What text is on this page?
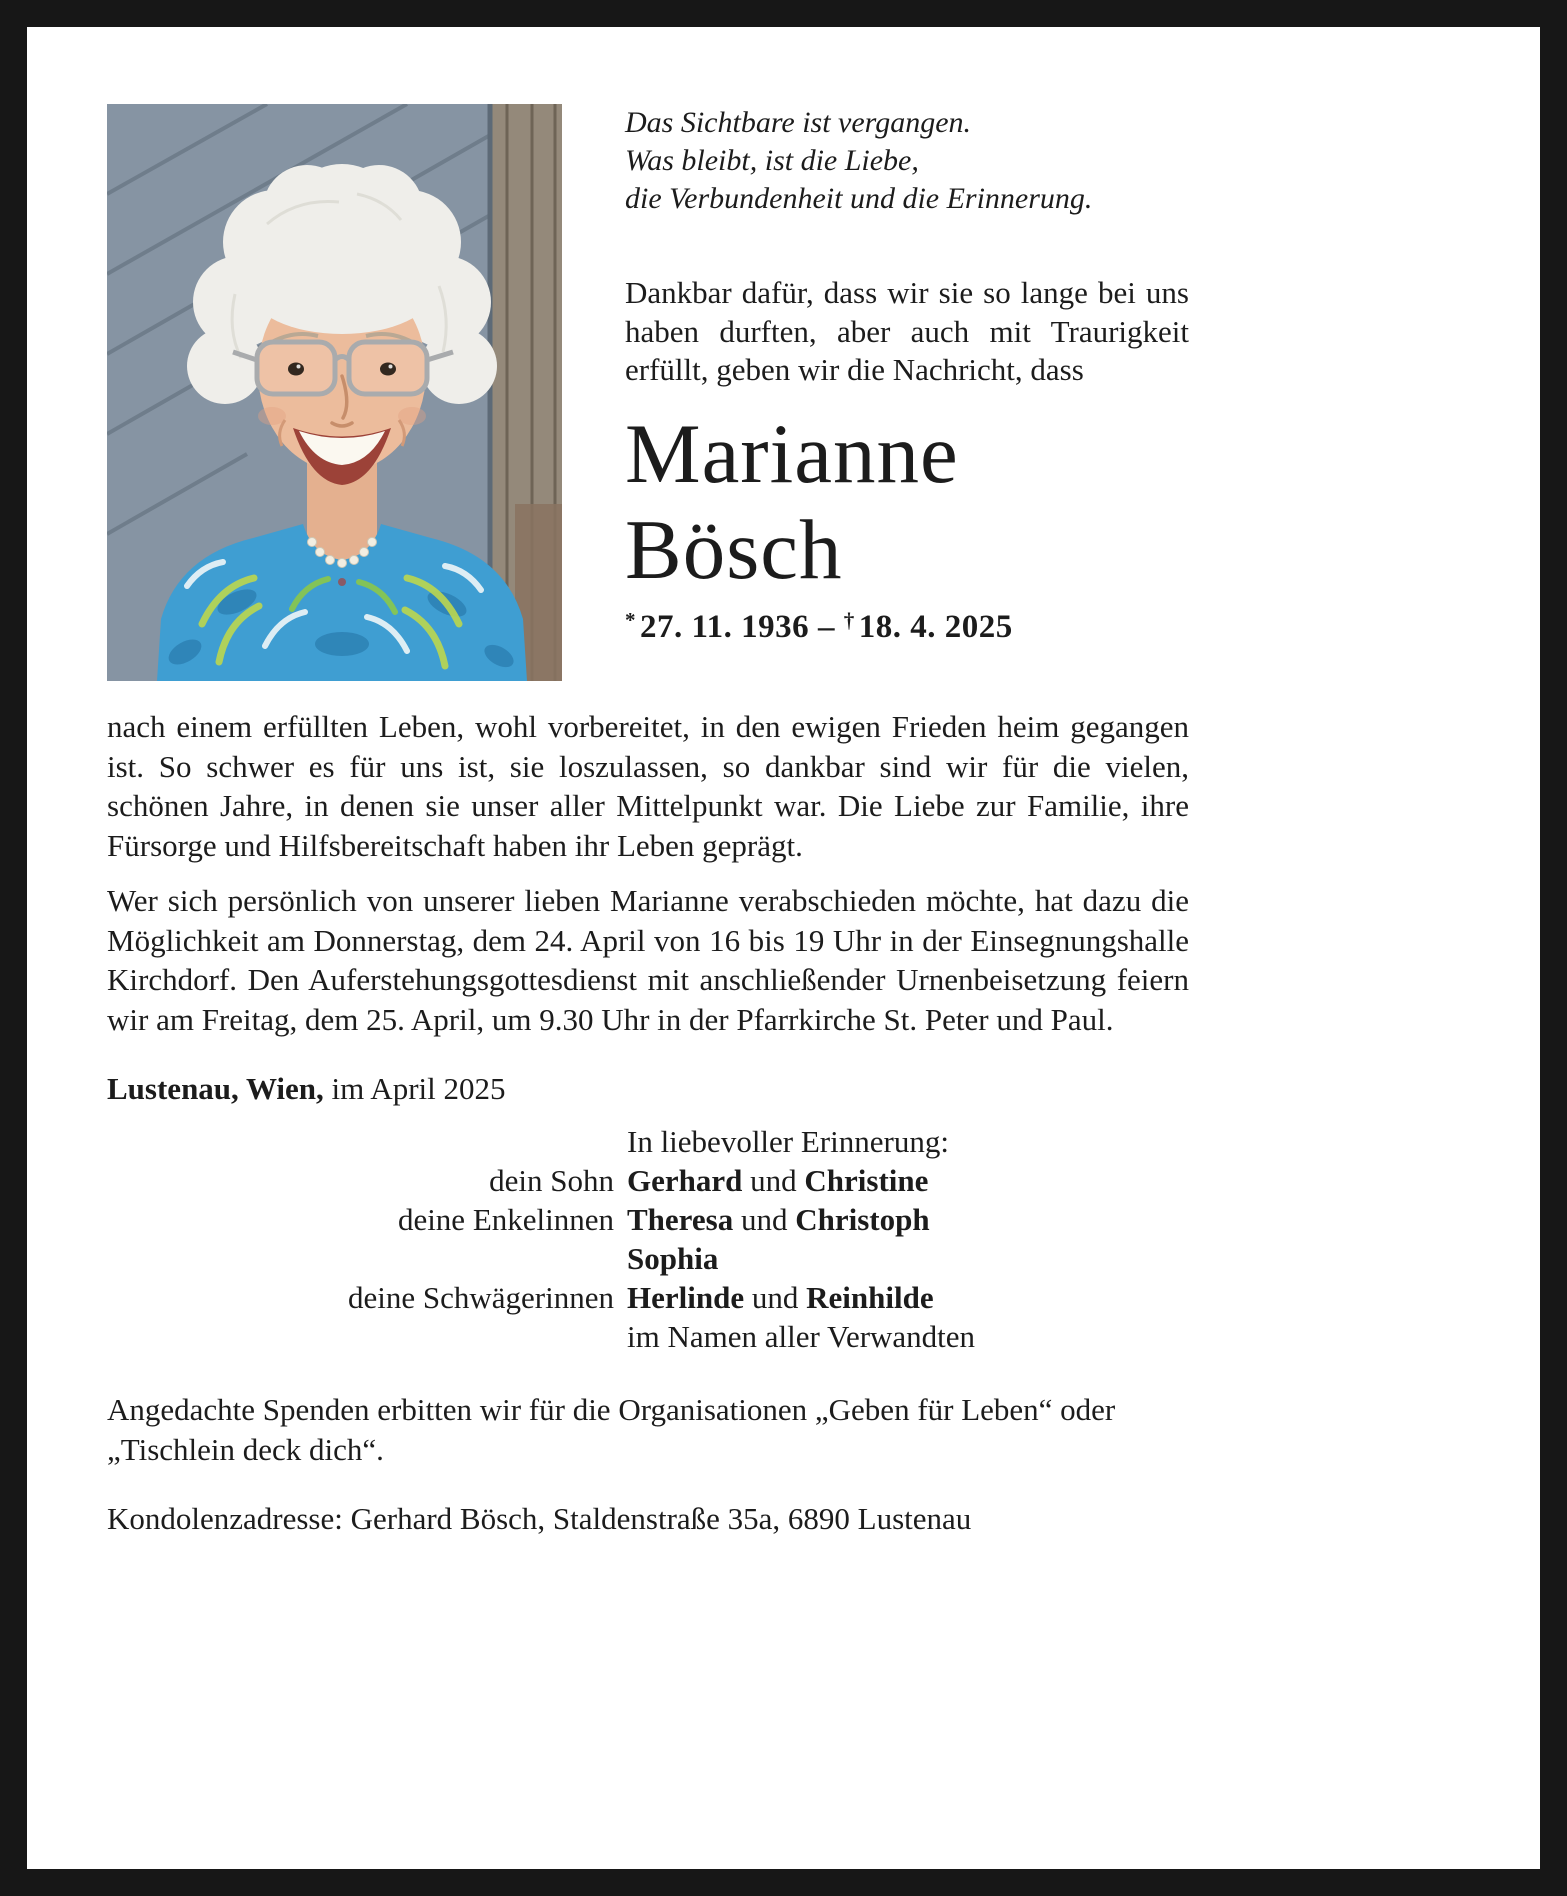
Das Sichtbare ist vergangen.
Was bleibt, ist die Liebe,
die Verbundenheit und die Erinnerung.

Dankbar dafür, dass wir sie so lange bei uns haben durften, aber auch mit Traurigkeit erfüllt, geben wir die Nachricht, dass

Marianne
Bösch
* 27. 11. 1936 – † 18. 4. 2025

nach einem erfüllten Leben, wohl vorbereitet, in den ewigen Frieden heim gegangen ist. So schwer es für uns ist, sie loszulassen, so dankbar sind wir für die vielen, schönen Jahre, in denen sie unser aller Mittelpunkt war. Die Liebe zur Familie, ihre Fürsorge und Hilfsbereitschaft haben ihr Leben geprägt.

Wer sich persönlich von unserer lieben Marianne verabschieden möchte, hat dazu die Möglichkeit am Donnerstag, dem 24. April von 16 bis 19 Uhr in der Einsegnungshalle Kirchdorf. Den Auferstehungsgottesdienst mit anschließender Urnenbeisetzung feiern wir am Freitag, dem 25. April, um 9.30 Uhr in der Pfarrkirche St. Peter und Paul.

Lustenau, Wien, im April 2025
In liebevoller Erinnerung:
dein Sohn Gerhard und Christine
deine Enkelinnen Theresa und Christoph
Sophia
deine Schwägerinnen Herlinde und Reinhilde
im Namen aller Verwandten

Angedachte Spenden erbitten wir für die Organisationen „Geben für Leben“ oder „Tischlein deck dich“.

Kondolenzadresse: Gerhard Bösch, Staldenstraße 35a, 6890 Lustenau
